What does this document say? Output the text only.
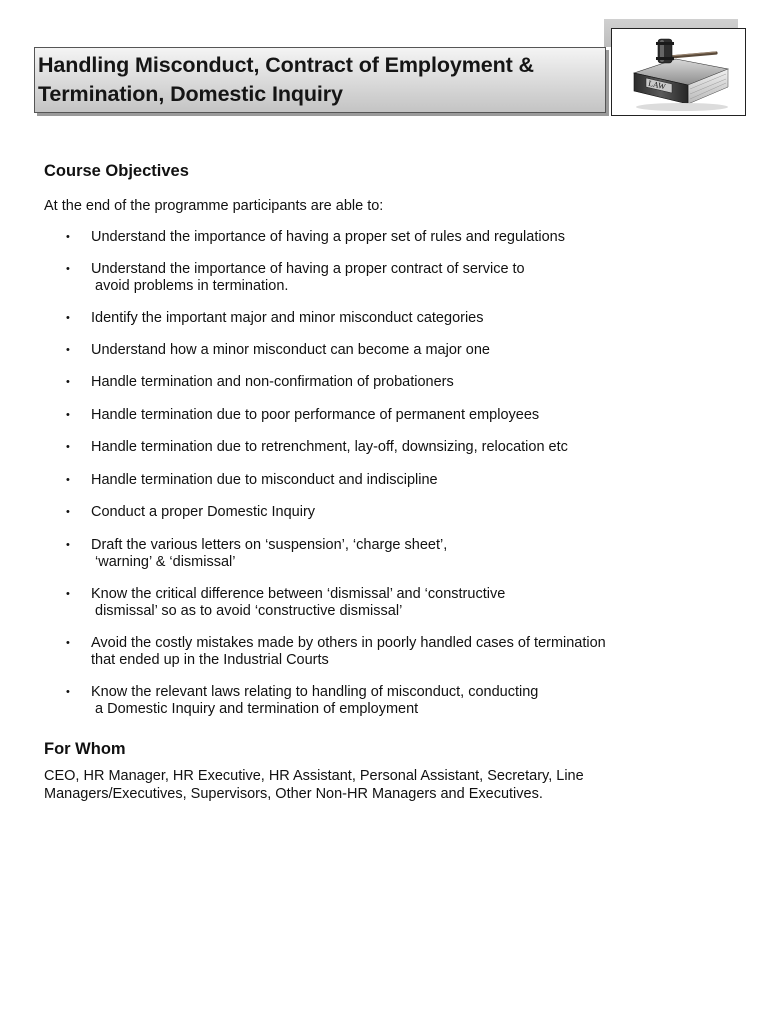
Handling Misconduct, Contract of Employment &
Termination, Domestic Inquiry	LAW
Course Objectives
At the end of the programme participants are able to:
• Understand the importance of having a proper set of rules and regulations
• Understand the importance of having a proper contract of service to
avoid problems in termination.
• Identify the important major and minor misconduct categories
• Understand how a minor misconduct can become a major one
• Handle termination and non-confirmation of probationers
• Handle termination due to poor performance of permanent employees
• Handle termination due to retrenchment, lay-off, downsizing, relocation etc
• Handle termination due to misconduct and indiscipline
• Conduct a proper Domestic Inquiry
• Draft the various letters on ‘suspension’, ‘charge sheet’,
‘warning’ & ‘dismissal’
• Know the critical difference between ‘dismissal’ and ‘constructive
dismissal’ so as to avoid ‘constructive dismissal’
• Avoid the costly mistakes made by others in poorly handled cases of termination
that ended up in the Industrial Courts
• Know the relevant laws relating to handling of misconduct, conducting
a Domestic Inquiry and termination of employment
For Whom
CEO, HR Manager, HR Executive, HR Assistant, Personal Assistant, Secretary, Line
Managers/Executives, Supervisors, Other Non-HR Managers and Executives.
